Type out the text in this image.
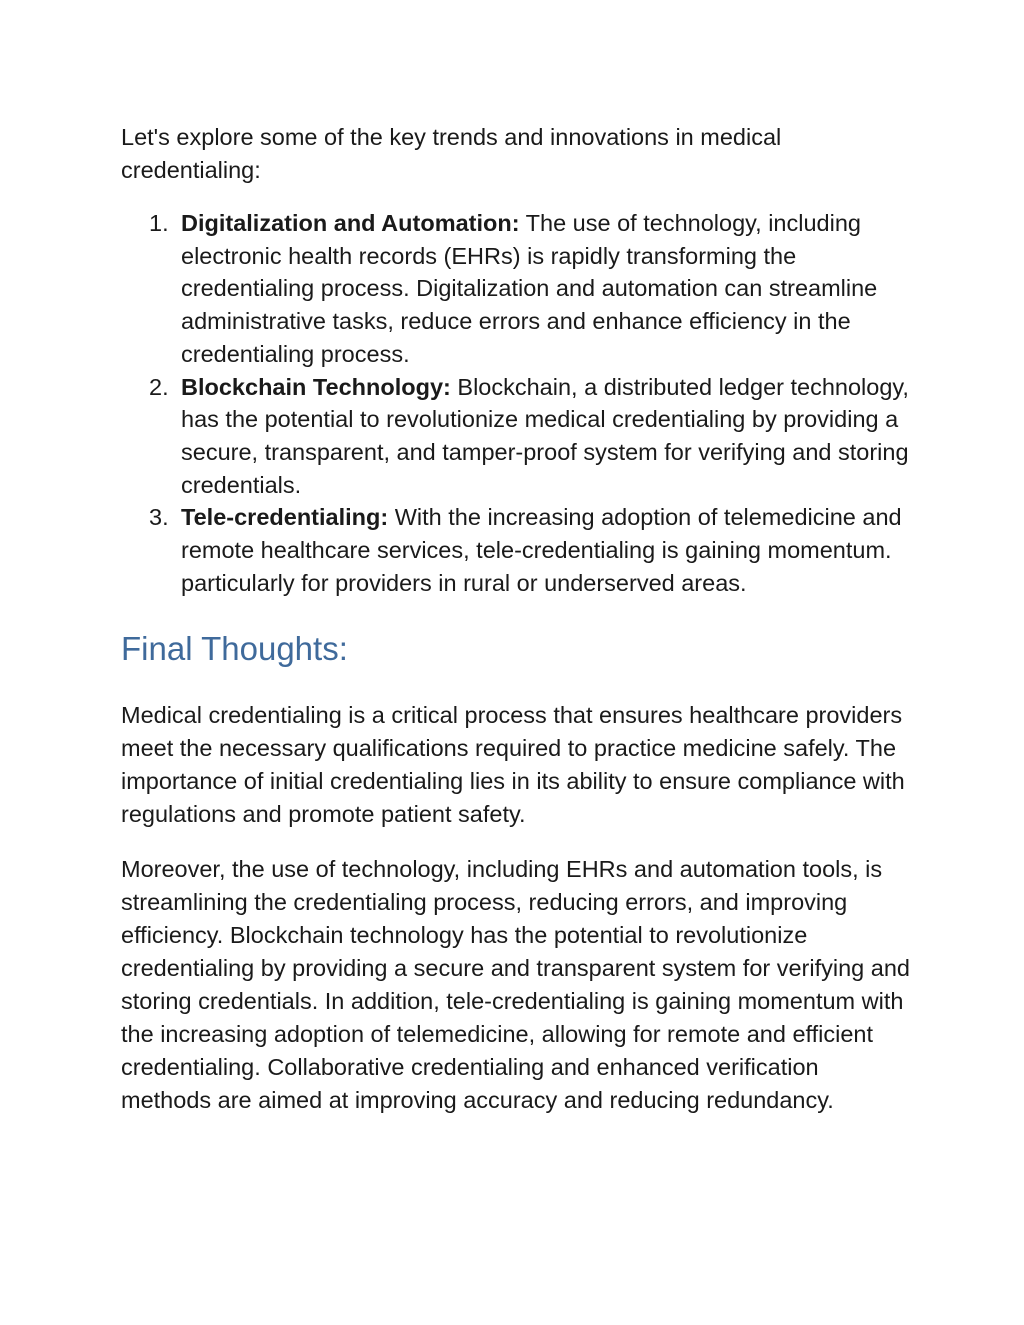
Let's explore some of the key trends and innovations in medical credentialing:

1. Digitalization and Automation: The use of technology, including electronic health records (EHRs) is rapidly transforming the credentialing process. Digitalization and automation can streamline administrative tasks, reduce errors and enhance efficiency in the credentialing process.
2. Blockchain Technology: Blockchain, a distributed ledger technology, has the potential to revolutionize medical credentialing by providing a secure, transparent, and tamper-proof system for verifying and storing credentials.
3. Tele-credentialing: With the increasing adoption of telemedicine and remote healthcare services, tele-credentialing is gaining momentum. particularly for providers in rural or underserved areas.
Final Thoughts:

Medical credentialing is a critical process that ensures healthcare providers meet the necessary qualifications required to practice medicine safely. The importance of initial credentialing lies in its ability to ensure compliance with regulations and promote patient safety.

Moreover, the use of technology, including EHRs and automation tools, is streamlining the credentialing process, reducing errors, and improving efficiency. Blockchain technology has the potential to revolutionize credentialing by providing a secure and transparent system for verifying and storing credentials. In addition, tele-credentialing is gaining momentum with the increasing adoption of telemedicine, allowing for remote and efficient credentialing. Collaborative credentialing and enhanced verification methods are aimed at improving accuracy and reducing redundancy.
